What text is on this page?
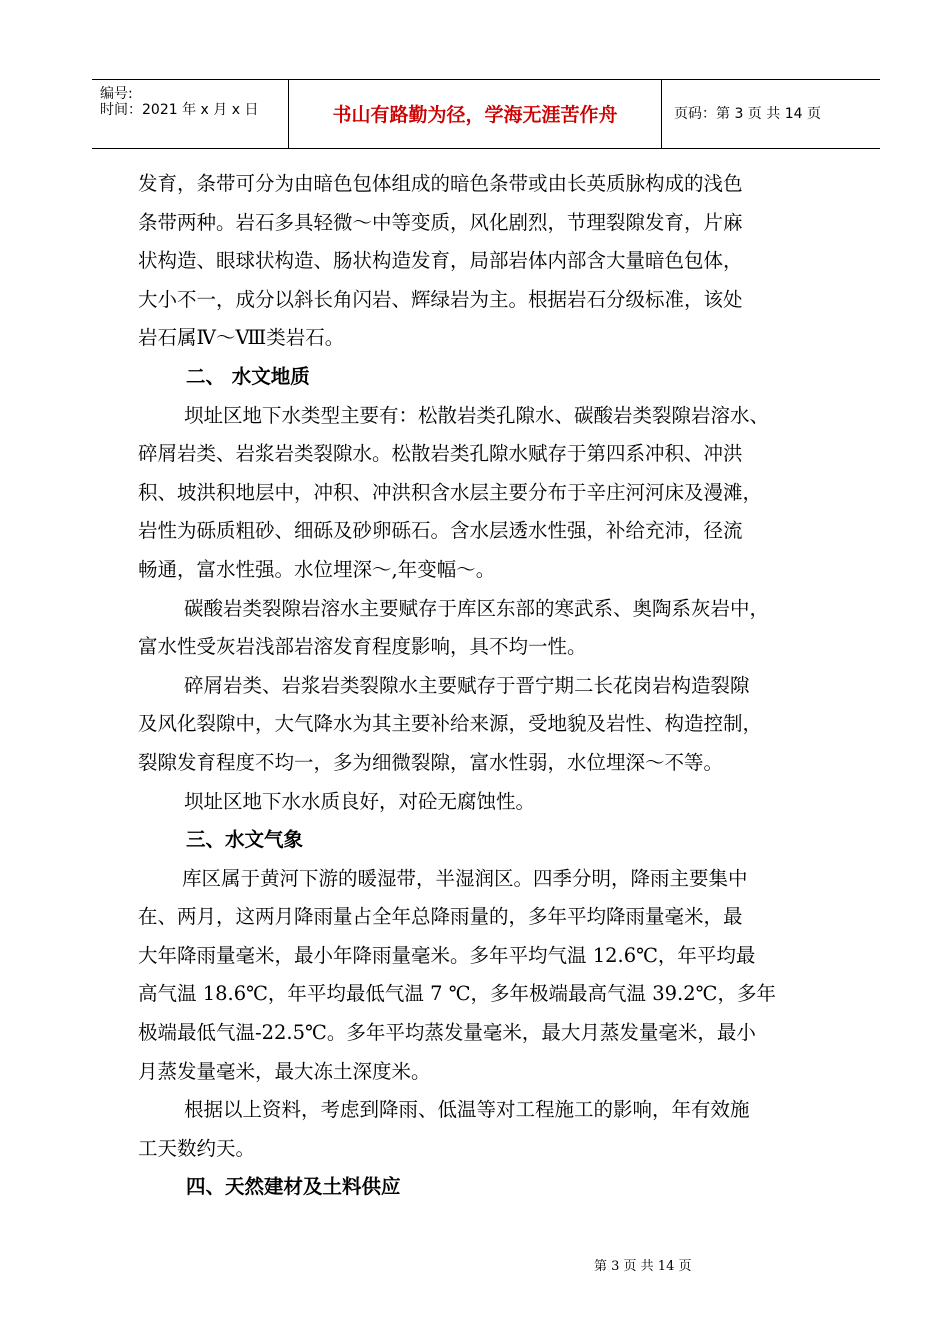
编号:
时间：2021 年 x 月 x 日	书山有路勤为径，学海无涯苦作舟	页码：第 3 页 共 14 页
发育，条带可分为由暗色包体组成的暗色条带或由长英质脉构成的浅色
条带两种。岩石多具轻微～中等变质，风化剧烈，节理裂隙发育，片麻
状构造、眼球状构造、肠状构造发育，局部岩体内部含大量暗色包体，
大小不一，成分以斜长角闪岩、辉绿岩为主。根据岩石分级标准，该处
岩石属Ⅳ～Ⅷ类岩石。
二、 水文地质
坝址区地下水类型主要有：松散岩类孔隙水、碳酸岩类裂隙岩溶水、
碎屑岩类、岩浆岩类裂隙水。松散岩类孔隙水赋存于第四系冲积、冲洪
积、坡洪积地层中，冲积、冲洪积含水层主要分布于辛庄河河床及漫滩，
岩性为砾质粗砂、细砾及砂卵砾石。含水层透水性强，补给充沛，径流
畅通，富水性强。水位埋深～,年变幅～。
碳酸岩类裂隙岩溶水主要赋存于库区东部的寒武系、奥陶系灰岩中，
富水性受灰岩浅部岩溶发育程度影响，具不均一性。
碎屑岩类、岩浆岩类裂隙水主要赋存于晋宁期二长花岗岩构造裂隙
及风化裂隙中，大气降水为其主要补给来源，受地貌及岩性、构造控制，
裂隙发育程度不均一，多为细微裂隙，富水性弱，水位埋深～不等。
坝址区地下水水质良好，对砼无腐蚀性。
三、水文气象
库区属于黄河下游的暖湿带，半湿润区。四季分明，降雨主要集中
在、两月，这两月降雨量占全年总降雨量的，多年平均降雨量毫米，最
大年降雨量毫米，最小年降雨量毫米。多年平均气温 12.6℃，年平均最
高气温 18.6℃，年平均最低气温 7 ℃，多年极端最高气温 39.2℃，多年
极端最低气温-22.5℃。多年平均蒸发量毫米，最大月蒸发量毫米，最小
月蒸发量毫米，最大冻土深度米。
根据以上资料，考虑到降雨、低温等对工程施工的影响，年有效施
工天数约天。
四、天然建材及土料供应
第 3 页 共 14 页
